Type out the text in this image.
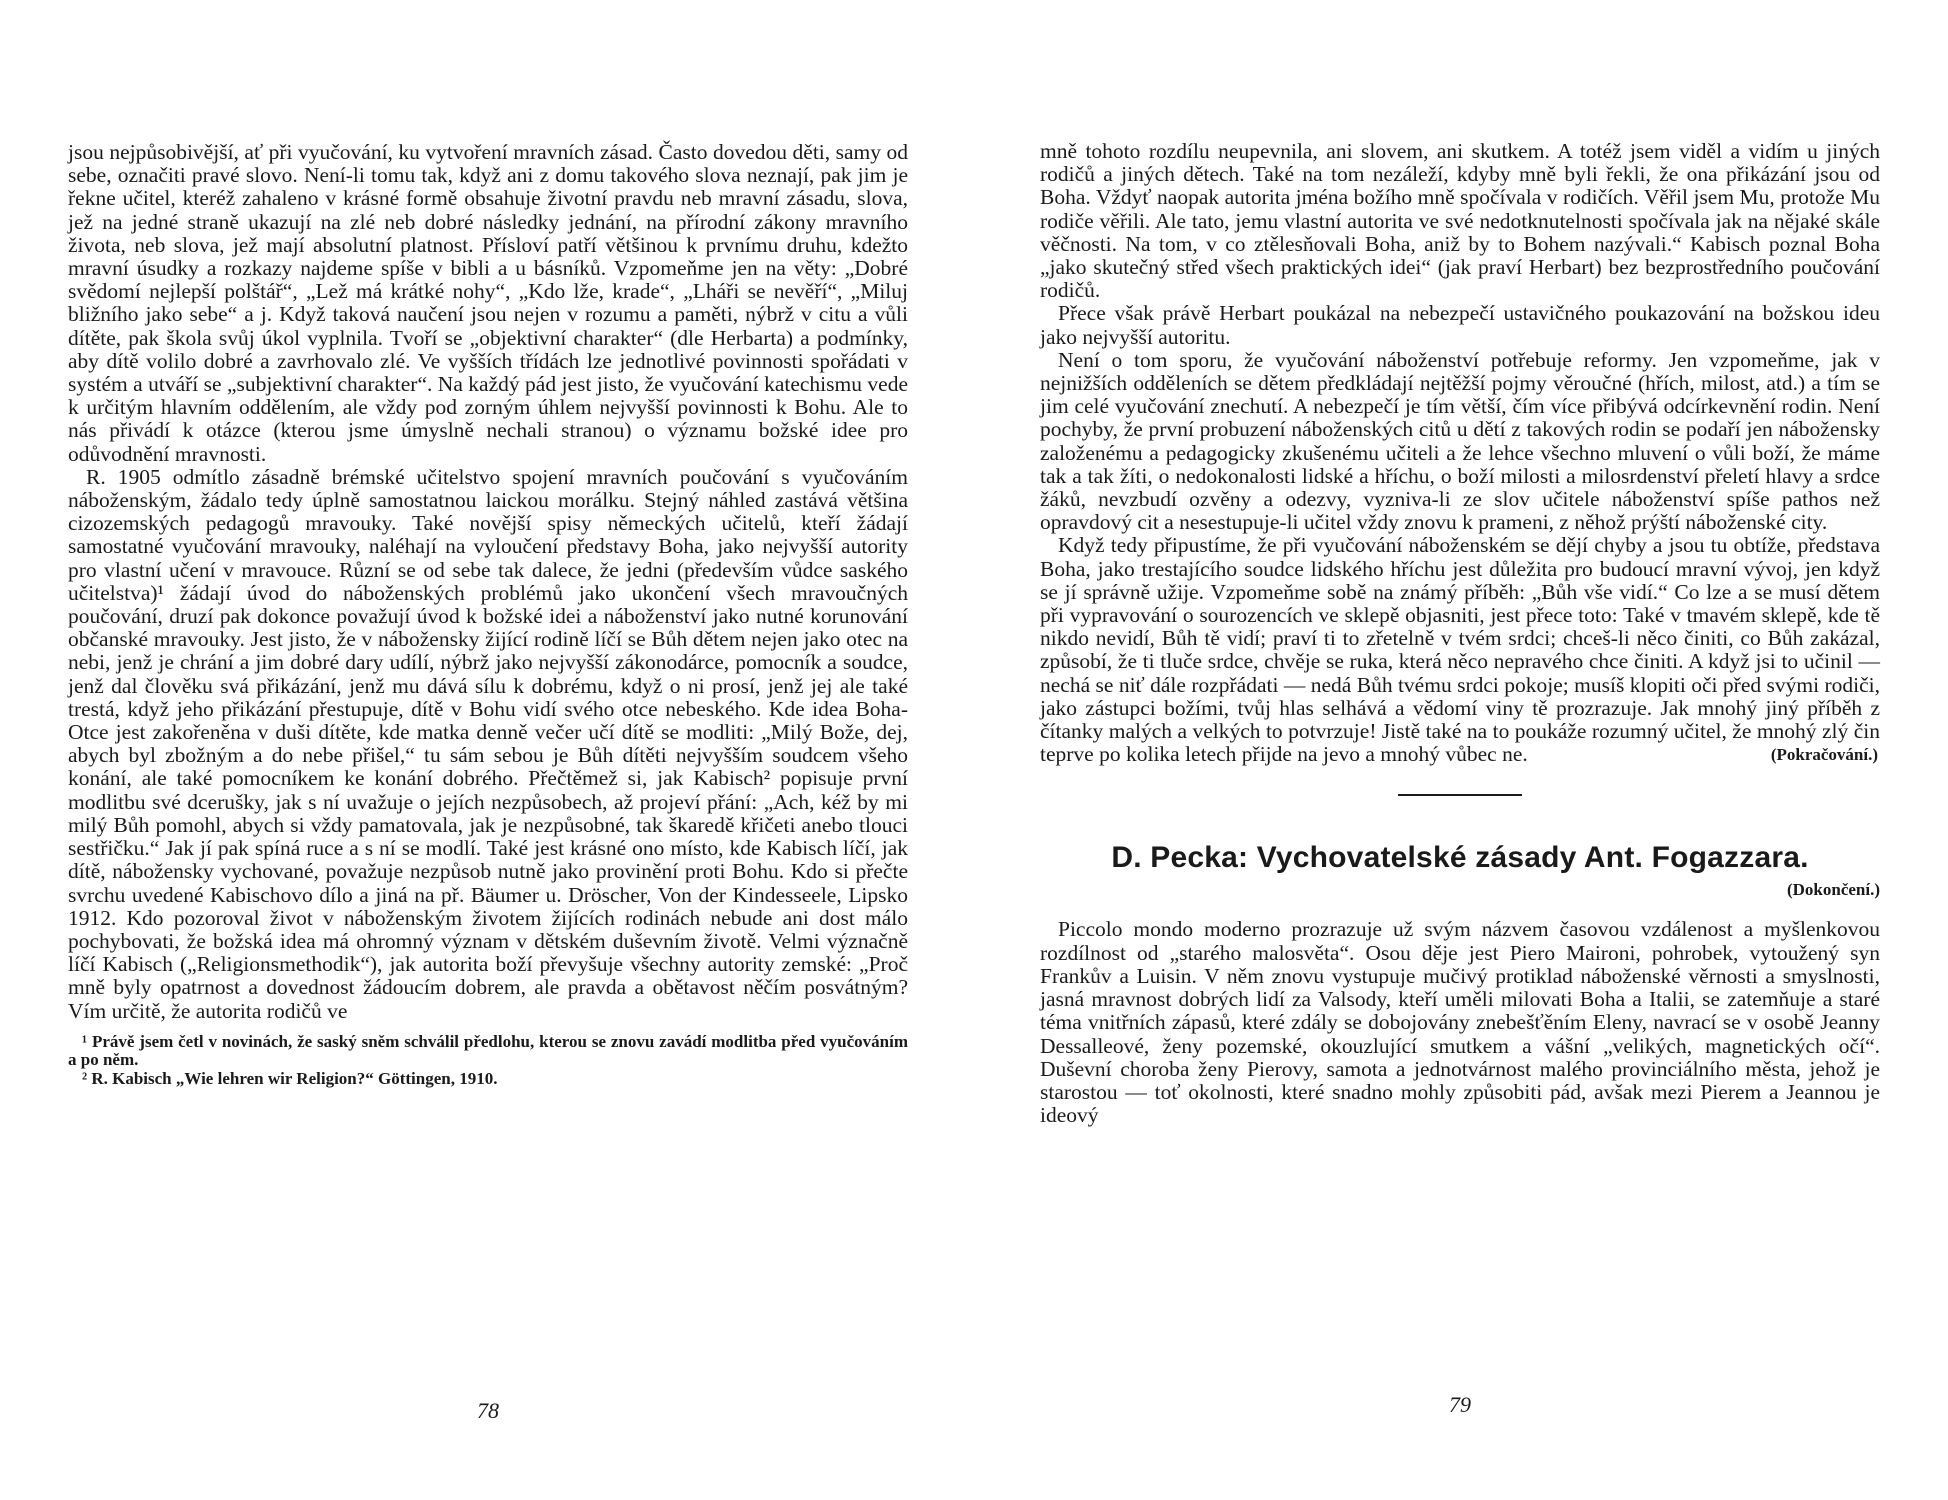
jsou nejpůsobivější, ať při vyučování, ku vytvoření mravních zásad. Často dovedou děti, samy od sebe, označiti pravé slovo. Není-li tomu tak, když ani z domu takového slova neznají, pak jim je řekne učitel, kteréž zahaleno v krásné formě obsahuje životní pravdu neb mravní zásadu, slova, jež na jedné straně ukazují na zlé neb dobré následky jednání, na přírodní zákony mravního života, neb slova, jež mají absolutní platnost. Přísloví patří většinou k prvnímu druhu, kdežto mravní úsudky a rozkazy najdeme spíše v bibli a u básníků. Vzpomeňme jen na věty: „Dobré svědomí nejlepší polštář“, „Lež má krátké nohy“, „Kdo lže, krade“, „Lháři se nevěří“, „Miluj bližního jako sebe“ a j. Když taková naučení jsou nejen v rozumu a paměti, nýbrž v citu a vůli dítěte, pak škola svůj úkol vyplnila. Tvoří se „objektivní charakter“ (dle Herbarta) a podmínky, aby dítě volilo dobré a zavrhovalo zlé. Ve vyšších třídách lze jednotlivé povinnosti spořádati v systém a utváří se „subjektivní charakter“. Na každý pád jest jisto, že vyučování katechismu vede k určitým hlavním oddělením, ale vždy pod zorným úhlem nejvyšší povinnosti k Bohu. Ale to nás přivádí k otázce (kterou jsme úmyslně nechali stranou) o významu božské idee pro odůvodnění mravnosti.

R. 1905 odmítlo zásadně brémské učitelstvo spojení mravních poučování s vyučováním náboženským, žádalo tedy úplně samostatnou laickou morálku. Stejný náhled zastává většina cizozemských pedagogů mravouky. Také novější spisy německých učitelů, kteří žádají samostatné vyučování mravouky, naléhají na vyloučení představy Boha, jako nejvyšší autority pro vlastní učení v mravouce. Různí se od sebe tak dalece, že jedni (především vůdce saského učitelstva)¹ žádají úvod do náboženských problémů jako ukončení všech mravoučných poučování, druzí pak dokonce považují úvod k božské idei a náboženství jako nutné korunování občanské mravouky. Jest jisto, že v nábožensky žijící rodině líčí se Bůh dětem nejen jako otec na nebi, jenž je chrání a jim dobré dary udílí, nýbrž jako nejvyšší zákonodárce, pomocník a soudce, jenž dal člověku svá přikázání, jenž mu dává sílu k dobrému, když o ni prosí, jenž jej ale také trestá, když jeho přikázání přestupuje, dítě v Bohu vidí svého otce nebeského. Kde idea Boha-Otce jest zakořeněna v duši dítěte, kde matka denně večer učí dítě se modliti: „Milý Bože, dej, abych byl zbožným a do nebe přišel,“ tu sám sebou je Bůh dítěti nejvyšším soudcem všeho konání, ale také pomocníkem ke konání dobrého. Přečtěmež si, jak Kabisch² popisuje první modlitbu své dcerušky, jak s ní uvažuje o jejích nezpůsobech, až projeví přání: „Ach, kéž by mi milý Bůh pomohl, abych si vždy pamatovala, jak je nezpůsobné, tak škaredě křičeti anebo tlouci sestřičku.“ Jak jí pak spíná ruce a s ní se modlí. Také jest krásné ono místo, kde Kabisch líčí, jak dítě, nábožensky vychované, považuje nezpůsob nutně jako provinění proti Bohu. Kdo si přečte svrchu uvedené Kabischovo dílo a jiná na př. Bäumer u. Dröscher, Von der Kindesseele, Lipsko 1912. Kdo pozoroval život v náboženským životem žijících rodinách nebude ani dost málo pochybovati, že božská idea má ohromný význam v dětském duševním životě. Velmi význačně líčí Kabisch („Religionsmethodik“), jak autorita boží převyšuje všechny autority zemské: „Proč mně byly opatrnost a dovednost žádoucím dobrem, ale pravda a obětavost něčím posvátným? Vím určitě, že autorita rodičů ve

¹ Právě jsem četl v novinách, že saský sněm schválil předlohu, kterou se znovu zavádí modlitba před vyučováním a po něm.

² R. Kabisch „Wie lehren wir Religion?“ Göttingen, 1910.

78

mně tohoto rozdílu neupevnila, ani slovem, ani skutkem. A totéž jsem viděl a vidím u jiných rodičů a jiných dětech. Také na tom nezáleží, kdyby mně byli řekli, že ona přikázání jsou od Boha. Vždyť naopak autorita jména božího mně spočívala v rodičích. Věřil jsem Mu, protože Mu rodiče věřili. Ale tato, jemu vlastní autorita ve své nedotknutelnosti spočívala jak na nějaké skále věčnosti. Na tom, v co ztělesňovali Boha, aniž by to Bohem nazývali.“ Kabisch poznal Boha „jako skutečný střed všech praktických idei“ (jak praví Herbart) bez bezprostředního poučování rodičů.

Přece však právě Herbart poukázal na nebezpečí ustavičného poukazování na božskou ideu jako nejvyšší autoritu.

Není o tom sporu, že vyučování náboženství potřebuje reformy. Jen vzpomeňme, jak v nejnižších odděleních se dětem předkládají nejtěžší pojmy věroučné (hřích, milost, atd.) a tím se jim celé vyučování znechutí. A nebezpečí je tím větší, čím více přibývá odcírkevnění rodin. Není pochyby, že první probuzení náboženských citů u dětí z takových rodin se podaří jen nábožensky založenému a pedagogicky zkušenému učiteli a že lehce všechno mluvení o vůli boží, že máme tak a tak žíti, o nedokonalosti lidské a hříchu, o boží milosti a milosrdenství přeletí hlavy a srdce žáků, nevzbudí ozvěny a odezvy, vyzniva-li ze slov učitele náboženství spíše pathos než opravdový cit a nesestupuje-li učitel vždy znovu k prameni, z něhož prýští náboženské city.

Když tedy připustíme, že při vyučování náboženském se dějí chyby a jsou tu obtíže, představa Boha, jako trestajícího soudce lidského hříchu jest důležita pro budoucí mravní vývoj, jen když se jí správně užije. Vzpomeňme sobě na známý příběh: „Bůh vše vidí.“ Co lze a se musí dětem při vypravování o sourozencích ve sklepě objasniti, jest přece toto: Také v tmavém sklepě, kde tě nikdo nevidí, Bůh tě vidí; praví ti to zřetelně v tvém srdci; chceš-li něco činiti, co Bůh zakázal, způsobí, že ti tluče srdce, chvěje se ruka, která něco nepravého chce činiti. A když jsi to učinil — nechá se niť dále rozpřádati — nedá Bůh tvému srdci pokoje; musíš klopiti oči před svými rodiči, jako zástupci božími, tvůj hlas selhává a vědomí viny tě prozrazuje. Jak mnohý jiný příběh z čítanky malých a velkých to potvrzuje! Jistě také na to poukáže rozumný učitel, že mnohý zlý čin teprve po kolika letech přijde na jevo a mnohý vůbec ne.	(Pokračování.)
D. Pecka: Vychovatelské zásady Ant. Fogazzara.
(Dokončení.)

Piccolo mondo moderno prozrazuje už svým názvem časovou vzdálenost a myšlenkovou rozdílnost od „starého malosvěta“. Osou děje jest Piero Maironi, pohrobek, vytoužený syn Frankův a Luisin. V něm znovu vystupuje mučivý protiklad náboženské věrnosti a smyslnosti, jasná mravnost dobrých lidí za Valsody, kteří uměli milovati Boha a Italii, se zatemňuje a staré téma vnitřních zápasů, které zdály se dobojovány znebešťěním Eleny, navrací se v osobě Jeanny Dessalleové, ženy pozemské, okouzlující smutkem a vášní „velikých, magnetických očí“. Duševní choroba ženy Pierovy, samota a jednotvárnost malého provinciálního města, jehož je starostou — toť okolnosti, které snadno mohly způsobiti pád, avšak mezi Pierem a Jeannou je ideový

79
